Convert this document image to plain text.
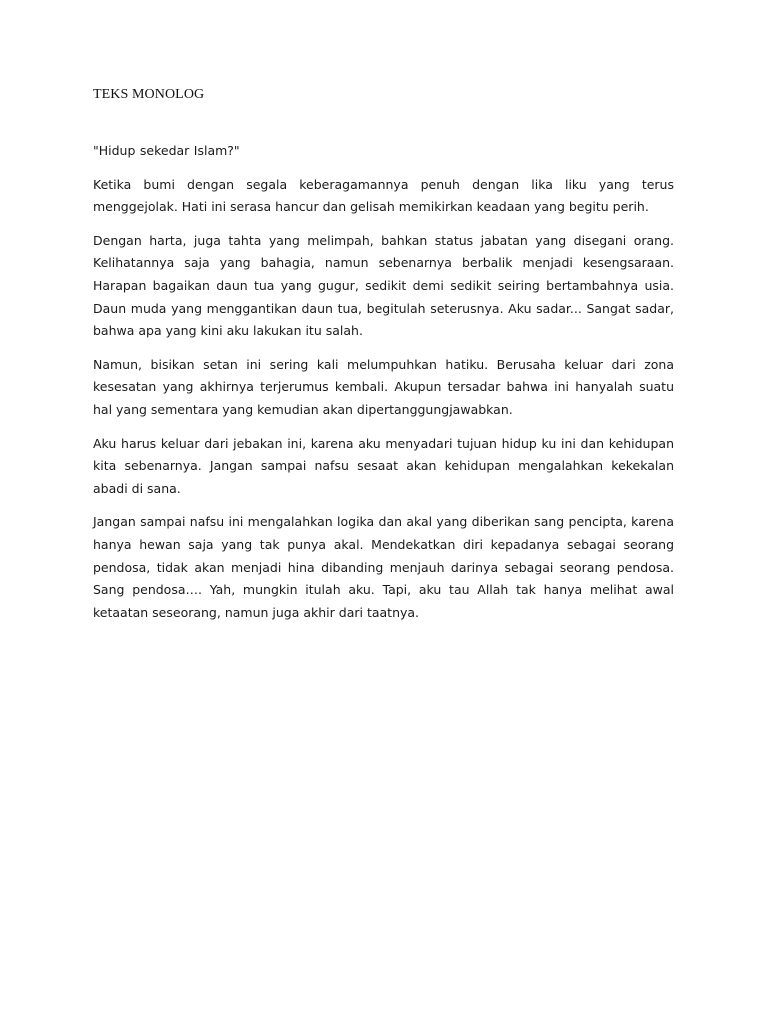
TEKS MONOLOG

"Hidup sekedar Islam?"

Ketika bumi dengan segala keberagamannya penuh dengan lika liku yang terus menggejolak. Hati ini serasa hancur dan gelisah memikirkan keadaan yang begitu perih.

Dengan harta, juga tahta yang melimpah, bahkan status jabatan yang disegani orang. Kelihatannya saja yang bahagia, namun sebenarnya berbalik menjadi kesengsaraan. Harapan bagaikan daun tua yang gugur, sedikit demi sedikit seiring bertambahnya usia. Daun muda yang menggantikan daun tua, begitulah seterusnya. Aku sadar... Sangat sadar, bahwa apa yang kini aku lakukan itu salah.

Namun, bisikan setan ini sering kali melumpuhkan hatiku. Berusaha keluar dari zona kesesatan yang akhirnya terjerumus kembali. Akupun tersadar bahwa ini hanyalah suatu hal yang sementara yang kemudian akan dipertanggungjawabkan.

Aku harus keluar dari jebakan ini, karena aku menyadari tujuan hidup ku ini dan kehidupan kita sebenarnya. Jangan sampai nafsu sesaat akan kehidupan mengalahkan kekekalan abadi di sana.

Jangan sampai nafsu ini mengalahkan logika dan akal yang diberikan sang pencipta, karena hanya hewan saja yang tak punya akal. Mendekatkan diri kepadanya sebagai seorang pendosa, tidak akan menjadi hina dibanding menjauh darinya sebagai seorang pendosa. Sang pendosa…. Yah, mungkin itulah aku. Tapi, aku tau Allah tak hanya melihat awal ketaatan seseorang, namun juga akhir dari taatnya.
